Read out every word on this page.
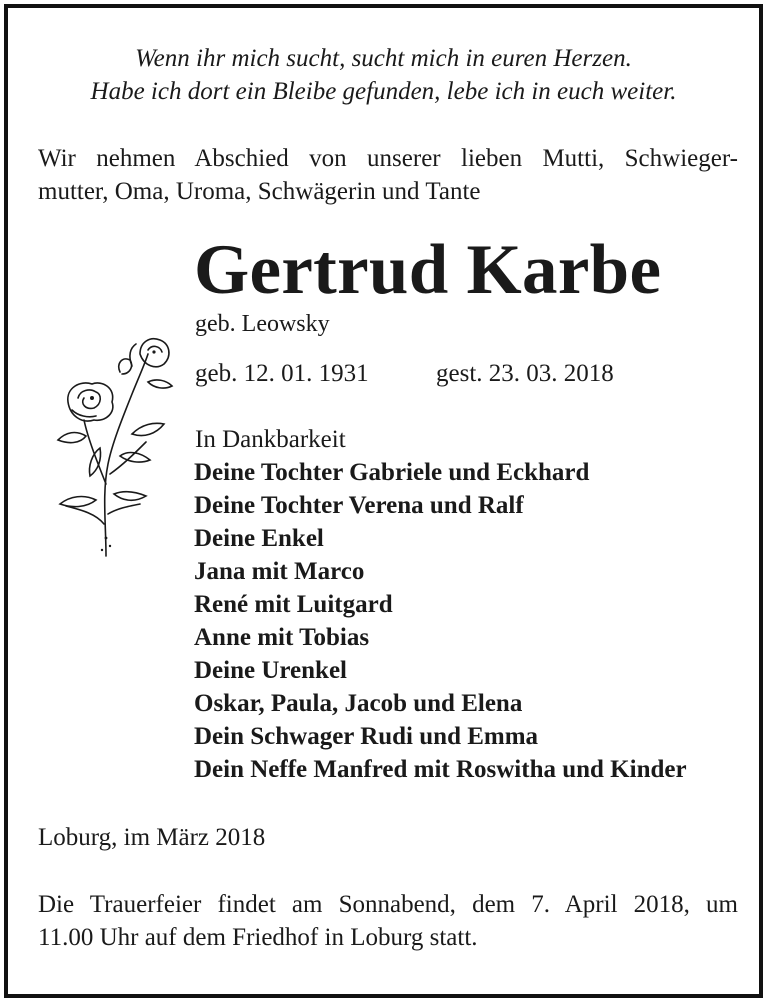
Wenn ihr mich sucht, sucht mich in euren Herzen.
Habe ich dort ein Bleibe gefunden, lebe ich in euch weiter.
Wir nehmen Abschied von unserer lieben Mutti, Schwieger-
mutter, Oma, Uroma, Schwägerin und Tante
Gertrud Karbe
geb. Leowsky
geb. 12. 01. 1931	gest. 23. 03. 2018
In Dankbarkeit
Deine Tochter Gabriele und Eckhard
Deine Tochter Verena und Ralf
Deine Enkel
Jana mit Marco
René mit Luitgard
Anne mit Tobias
Deine Urenkel
Oskar, Paula, Jacob und Elena
Dein Schwager Rudi und Emma
Dein Neffe Manfred mit Roswitha und Kinder
Loburg, im März 2018
Die Trauerfeier findet am Sonnabend, dem 7. April 2018, um
11.00 Uhr auf dem Friedhof in Loburg statt.
